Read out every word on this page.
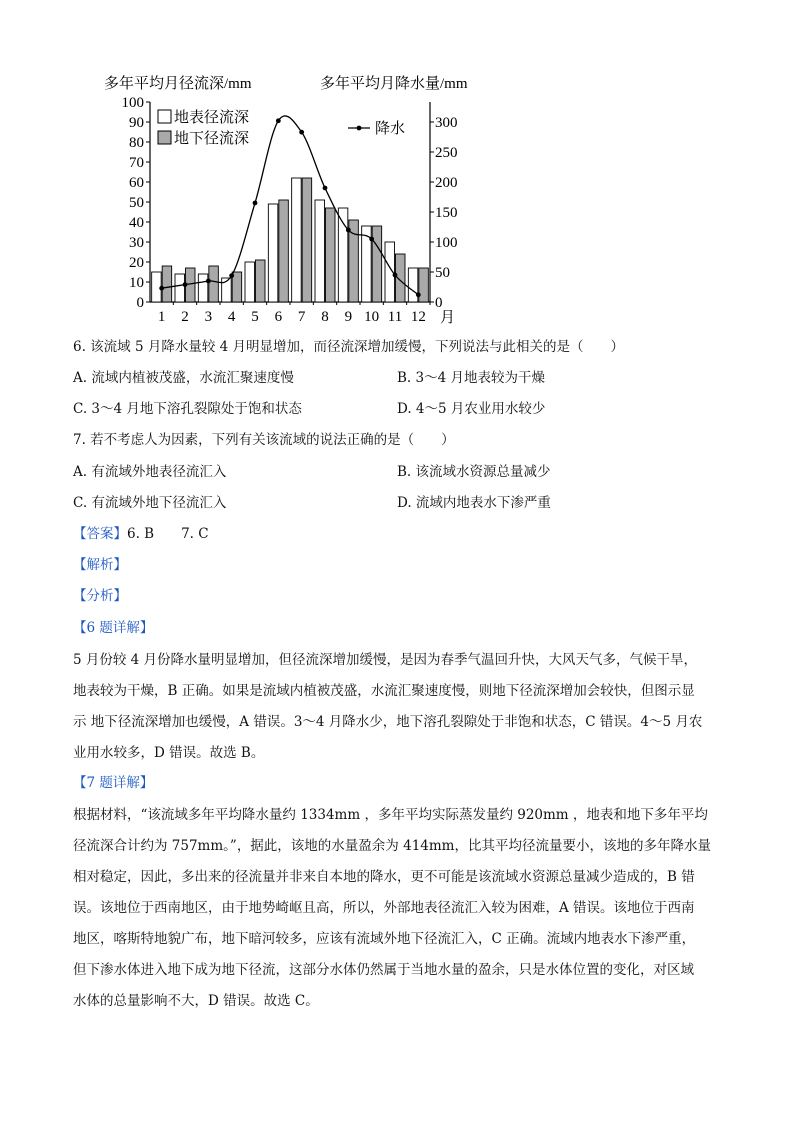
多年平均月径流深/mm	多年平均月降水量/mm
0
10
20
30
40
50
60
70
80
90
100
0
50
100
150
200
250
300
1 2 3 4 5 6 7 8 9 10 11 12 月
地表径流深
地下径流深
降水
6. 该流域 5 月降水量较 4 月明显增加，而径流深增加缓慢，下列说法与此相关的是（　　）
A. 流域内植被茂盛，水流汇聚速度慢	B. 3～4 月地表较为干燥
C. 3～4 月地下溶孔裂隙处于饱和状态	D. 4～5 月农业用水较少
7. 若不考虑人为因素，下列有关该流域的说法正确的是（　　）
A. 有流域外地表径流汇入	B. 该流域水资源总量减少
C. 有流域外地下径流汇入	D. 流域内地表水下渗严重
【答案】6. B　　7. C
【解析】
【分析】
【6 题详解】
5 月份较 4 月份降水量明显增加，但径流深增加缓慢，是因为春季气温回升快，大风天气多，气候干旱，
地表较为干燥，B 正确。如果是流域内植被茂盛，水流汇聚速度慢，则地下径流深增加会较快，但图示显
示 地下径流深增加也缓慢，A 错误。3～4 月降水少，地下溶孔裂隙处于非饱和状态，C 错误。4～5 月农
业用水较多，D 错误。故选 B。
【7 题详解】
根据材料，“该流域多年平均降水量约 1334mm ，多年平均实际蒸发量约 920mm ，地表和地下多年平均
径流深合计约为 757mm。”，据此，该地的水量盈余为 414mm，比其平均径流量要小，该地的多年降水量
相对稳定，因此，多出来的径流量并非来自本地的降水，更不可能是该流域水资源总量减少造成的，B 错
误。该地位于西南地区，由于地势崎岖且高，所以，外部地表径流汇入较为困难，A 错误。该地位于西南
地区，喀斯特地貌广布，地下暗河较多，应该有流域外地下径流汇入，C 正确。流域内地表水下渗严重，
但下渗水体进入地下成为地下径流，这部分水体仍然属于当地水量的盈余，只是水体位置的变化，对区域
水体的总量影响不大，D 错误。故选 C。
